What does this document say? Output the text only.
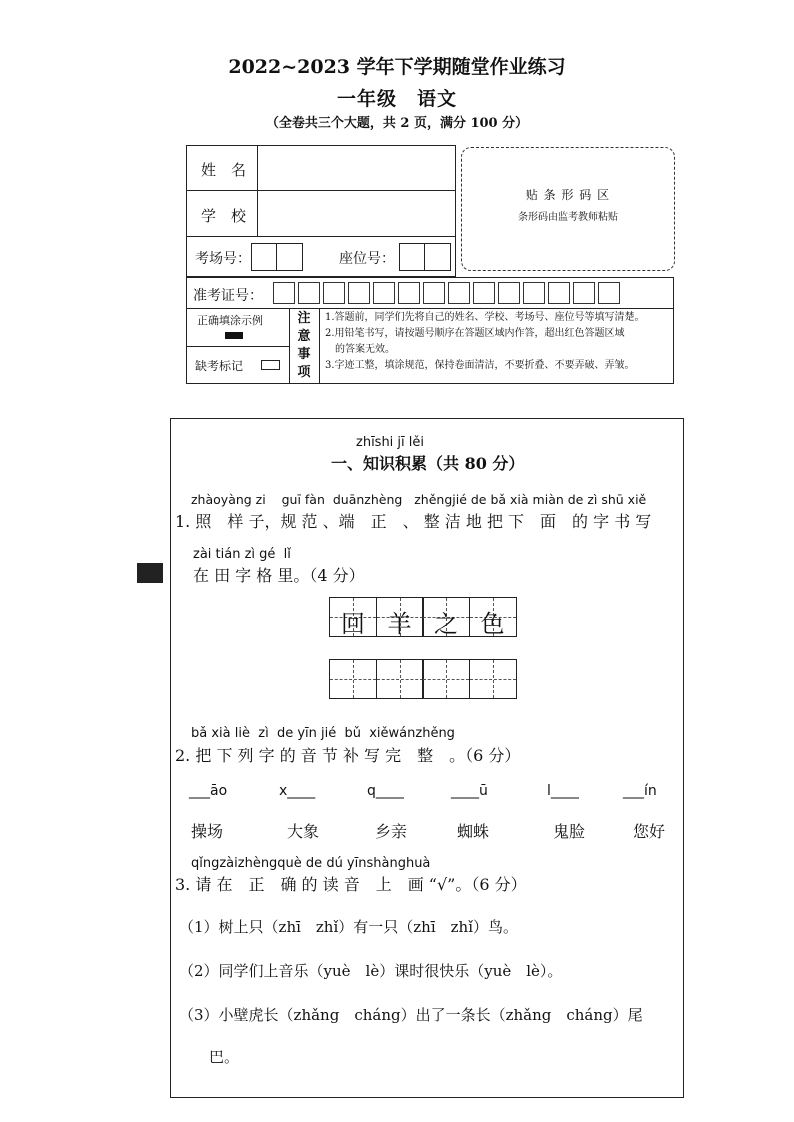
2022~2023 学年下学期随堂作业练习
一年级　语文
（全卷共三个大题，共 2 页，满分 100 分）
姓　名
学　校
考场号：	座位号：
贴 条 形 码 区
条形码由监考教师粘贴
准考证号：
正确填涂示例
缺考标记
注意事项
1.答题前，同学们先将自己的姓名、学校、考场号、座位号等填写清楚。
2.用铅笔书写，请按题号顺序在答题区域内作答，超出红色答题区域
　的答案无效。
3.字迹工整，填涂规范，保持卷面清洁，不要折叠、不要弄破、弄皱。
zhīshi jī lěi
一、知识积累（共 80 分）
zhàoyàng zi    guī fàn  duānzhèng   zhěngjié de bǎ xià miàn de zì shū xiě
1. 照　样 子，规 范 、端　正　、 整 洁 地 把 下　面　的 字 书 写
zài tián zì gé  lǐ
在 田 字 格 里。（4 分）
回 羊 之 色
bǎ xià liè  zì  de yīn jié  bǔ  xiěwánzhěng
2. 把 下 列 字 的 音 节 补 写 完　整　。（6 分）
___āo	x____	q____	____ū	l____	___ín
操场	大象	乡亲	蜘蛛	鬼脸	您好
qǐngzàizhèngquè de dú yīnshànghuà
3. 请 在　正　确 的 读 音　上　画 “√”。（6 分）
（1）树上只（zhī　zhǐ）有一只（zhī　zhǐ）鸟。
（2）同学们上音乐（yuè　lè）课时很快乐（yuè　lè）。
（3）小壁虎长（zhǎng　cháng）出了一条长（zhǎng　cháng）尾
巴。
